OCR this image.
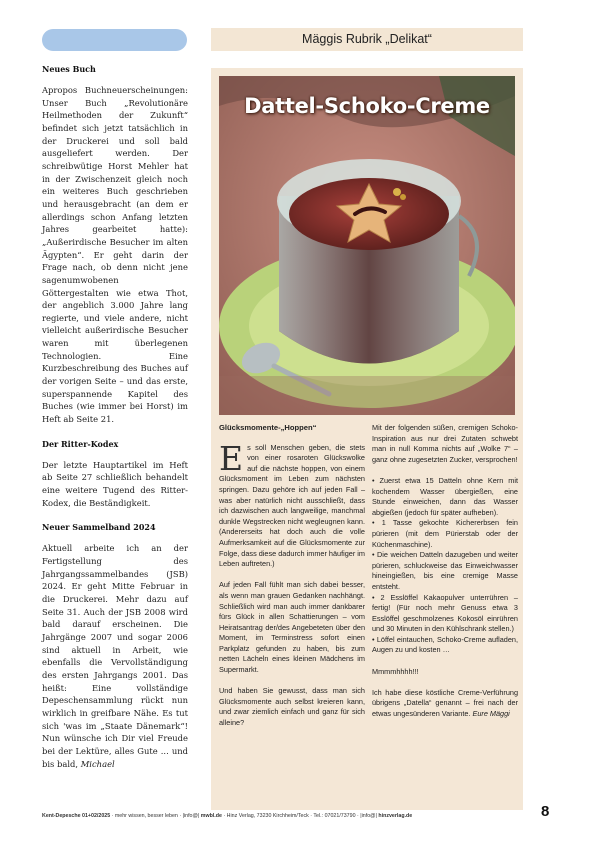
Mäggis Rubrik „Delikat“

Neues Buch

Apropos Buchneuerscheinungen: Unser Buch „Revolutionäre Heilmethoden der Zukunft“ befindet sich jetzt tatsächlich in der Druckerei und soll bald ausgeliefert werden. Der schreibwütige Horst Mehler hat in der Zwischenzeit gleich noch ein weiteres Buch geschrieben und herausgebracht (an dem er allerdings schon Anfang letzten Jahres gearbeitet hatte): „Außerirdische Besucher im alten Ägypten“. Er geht darin der Frage nach, ob denn nicht jene sagenumwobenen Göttergestalten wie etwa Thot, der angeblich 3.000 Jahre lang regierte, und viele andere, nicht vielleicht außerirdische Besucher waren mit überlegenen Technologien. Eine Kurzbeschreibung des Buches auf der vorigen Seite – und das erste, superspannende Kapitel des Buches (wie immer bei Horst) im Heft ab Seite 21.

Der Ritter-Kodex

Der letzte Hauptartikel im Heft ab Seite 27 schließlich behandelt eine weitere Tugend des Ritter-Kodex, die Beständigkeit.

Neuer Sammelband 2024

Aktuell arbeite ich an der Fertigstellung des Jahrgangssammelbandes (JSB) 2024. Er geht Mitte Februar in die Druckerei. Mehr dazu auf Seite 31. Auch der JSB 2008 wird bald darauf erscheinen. Die Jahrgänge 2007 und sogar 2006 sind aktuell in Arbeit, wie ebenfalls die Vervollständigung des ersten Jahrgangs 2001. Das heißt: Eine vollständige Depeschensammlung rückt nun wirklich in greifbare Nähe. Es tut sich 'was im „Staate Dänemark“! Nun wünsche ich Dir viel Freude bei der Lektüre, alles Gute ... und bis bald, Michael

Dattel-Schoko-Creme

Glücksmomente-„Hoppen“

Es soll Menschen geben, die stets von einer rosaroten Glückswolke auf die nächste hoppen, von einem Glücksmoment im Leben zum nächsten springen. Dazu gehöre ich auf jeden Fall – was aber natürlich nicht ausschließt, dass ich dazwischen auch langweilige, manchmal dunkle Wegstrecken nicht wegleugnen kann. (Andererseits hat doch auch die volle Aufmerksamkeit auf die Glücksmomente zur Folge, dass diese dadurch immer häufiger im Leben auftreten.)

Auf jeden Fall fühlt man sich dabei besser, als wenn man grauen Gedanken nachhängt. Schließlich wird man auch immer dankbarer fürs Glück in allen Schattierungen – vom Heiratsantrag der/des Angebeteten über den Moment, im Terminstress sofort einen Parkplatz gefunden zu haben, bis zum netten Lächeln eines kleinen Mädchens im Supermarkt.

Und haben Sie gewusst, dass man sich Glücksmomente auch selbst kreieren kann, und zwar ziemlich einfach und ganz für sich alleine?

Mit der folgenden süßen, cremigen Schoko-Inspiration aus nur drei Zutaten schwebt man in null Komma nichts auf „Wolke 7“ – ganz ohne zugesetzten Zucker, versprochen!

• Zuerst etwa 15 Datteln ohne Kern mit kochendem Wasser übergießen, eine Stunde einweichen, dann das Wasser abgießen (jedoch für später aufheben).

• 1 Tasse gekochte Kichererbsen fein pürieren (mit dem Pürierstab oder der Küchenmaschine).

• Die weichen Datteln dazugeben und weiter pürieren, schluckweise das Einweichwasser hineingießen, bis eine cremige Masse entsteht.

• 2 Esslöffel Kakaopulver unterrühren – fertig! (Für noch mehr Genuss etwa 3 Esslöffel geschmolzenes Kokosöl einrühren und 30 Minuten in den Kühlschrank stellen.)

• Löffel eintauchen, Schoko-Creme aufladen, Augen zu und kosten …

Mmmmhhhh!!!

Ich habe diese köstliche Creme-Verführung übrigens „Datella“ genannt – frei nach der etwas ungesünderen Variante. Eure Mäggi

Kent-Depesche 01+02/2025 · mehr wissen, besser leben · |info@| mwbl.de · Hinz Verlag, 73230 Kirchheim/Teck · Tel.: 07021/73790 · |info@| hinzverlag.de	8
